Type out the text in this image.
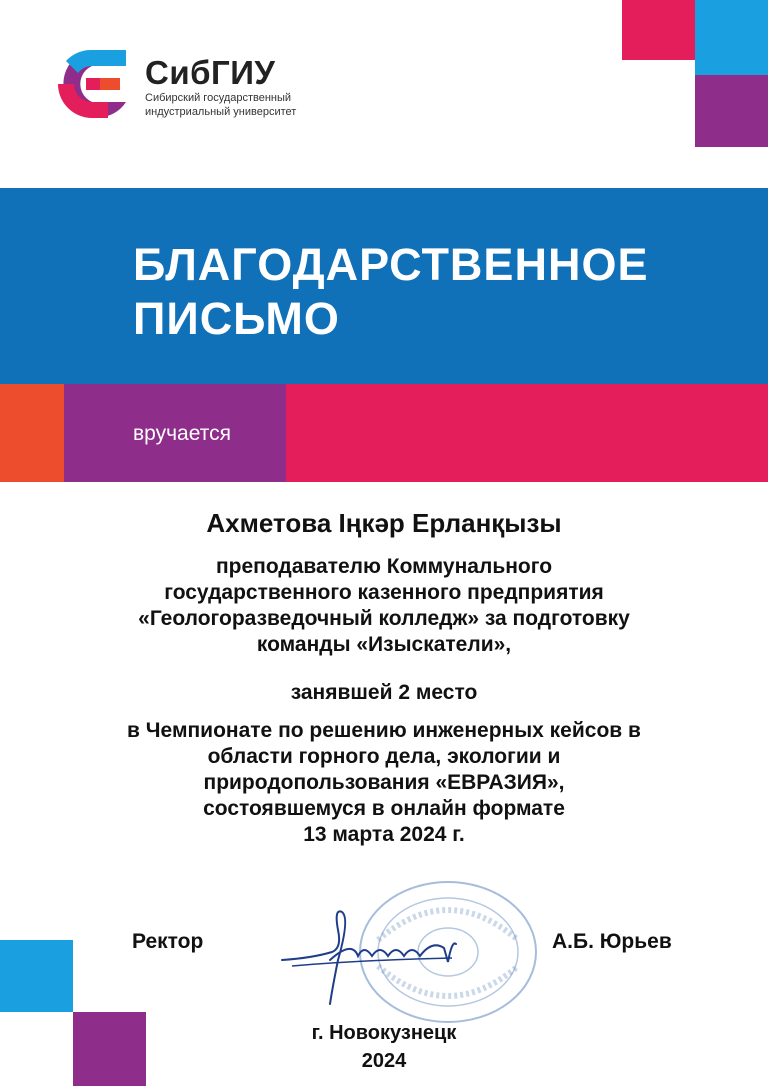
СибГИУ
Сибирский государственный
индустриальный университет
БЛАГОДАРСТВЕННОЕ
ПИСЬМО
вручается
Ахметова Іңкәр Ерланқызы
преподавателю Коммунального
государственного казенного предприятия
«Геологоразведочный колледж» за подготовку
команды «Изыскатели»,
занявшей 2 место
в Чемпионате по решению инженерных кейсов в
области горного дела, экологии и
природопользования «ЕВРАЗИЯ»,
состоявшемуся в онлайн формате
13 марта 2024 г.
Ректор	А.Б. Юрьев
г. Новокузнецк
2024
